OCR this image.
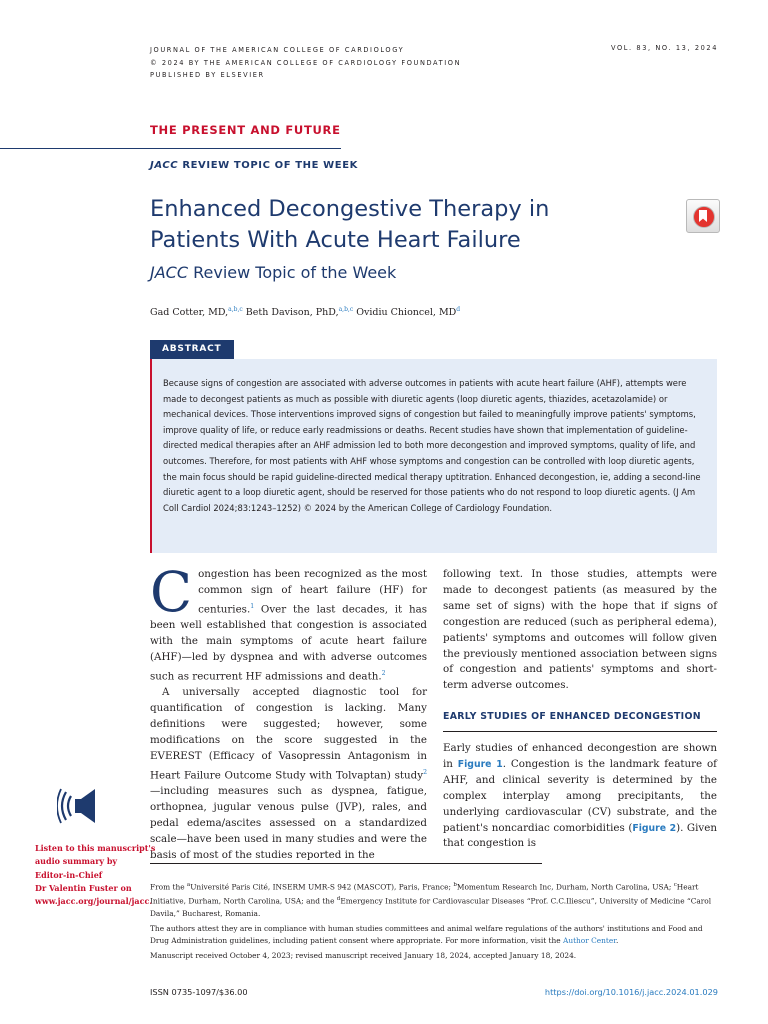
JOURNAL OF THE AMERICAN COLLEGE OF CARDIOLOGY
© 2024 BY THE AMERICAN COLLEGE OF CARDIOLOGY FOUNDATION
PUBLISHED BY ELSEVIER
VOL. 83, NO. 13, 2024
THE PRESENT AND FUTURE
JACC REVIEW TOPIC OF THE WEEK
Enhanced Decongestive Therapy in
Patients With Acute Heart Failure
JACC Review Topic of the Week
Gad Cotter, MD,$^{a,b,c}$ Beth Davison, PhD,$^{a,b,c}$ Ovidiu Chioncel, $MD^d$
ABSTRACT
Because signs of congestion are associated with adverse outcomes in patients with acute heart failure (AHF), attempts were made to decongest patients as much as possible with diuretic agents (loop diuretic agents, thiazides, acetazolamide) or mechanical devices. Those interventions improved signs of congestion but failed to meaningfully improve patients' symptoms, improve quality of life, or reduce early readmissions or deaths. Recent studies have shown that implementation of guideline-directed medical therapies after an AHF admission led to both more decongestion and improved symptoms, quality of life, and outcomes. Therefore, for most patients with AHF whose symptoms and congestion can be controlled with loop diuretic agents, the main focus should be rapid guideline-directed medical therapy uptitration. Enhanced decongestion, ie, adding a second-line diuretic agent to a loop diuretic agent, should be reserved for those patients who do not respond to loop diuretic agents. (J Am Coll Cardiol 2024;83:1243–1252) © 2024 by the American College of Cardiology Foundation.

Congestion has been recognized as the most common sign of heart failure (HF) for centuries.$^1$ Over the last decades, it has been well established that congestion is associated with the main symptoms of acute heart failure (AHF)—led by dyspnea and with adverse outcomes such as recurrent HF admissions and death.$^2$

A universally accepted diagnostic tool for quantification of congestion is lacking. Many definitions were suggested; however, some modifications on the score suggested in the EVEREST (Efficacy of Vasopressin Antagonism in Heart Failure Outcome Study with Tolvaptan) study$^2$—including measures such as dyspnea, fatigue, orthopnea, jugular venous pulse (JVP), rales, and pedal edema/ascites assessed on a standardized scale—have been used in many studies and were the basis of most of the studies reported in the

following text. In those studies, attempts were made to decongest patients (as measured by the same set of signs) with the hope that if signs of congestion are reduced (such as peripheral edema), patients' symptoms and outcomes will follow given the previously mentioned association between signs of congestion and patients' symptoms and short-term adverse outcomes.

EARLY STUDIES OF ENHANCED DECONGESTION

Early studies of enhanced decongestion are shown in Figure 1. Congestion is the landmark feature of AHF, and clinical severity is determined by the complex interplay among precipitants, the underlying cardiovascular (CV) substrate, and the patient's noncardiac comorbidities (Figure 2). Given that congestion is

Listen to this manuscript's
audio summary by
Editor-in-Chief
Dr Valentin Fuster on
www.jacc.org/journal/jacc.

From the $^a$Université Paris Cité, INSERM UMR-S 942 (MASCOT), Paris, France; $^b$Momentum Research Inc, Durham, North Carolina, USA; $^c$Heart Initiative, Durham, North Carolina, USA; and the $^d$Emergency Institute for Cardiovascular Diseases “Prof. C.C.Iliescu”, University of Medicine “Carol Davila,” Bucharest, Romania.

The authors attest they are in compliance with human studies committees and animal welfare regulations of the authors' institutions and Food and Drug Administration guidelines, including patient consent where appropriate. For more information, visit the Author Center.

Manuscript received October 4, 2023; revised manuscript received January 18, 2024, accepted January 18, 2024.

ISSN 0735-1097/$36.00	https://doi.org/10.1016/j.jacc.2024.01.029
